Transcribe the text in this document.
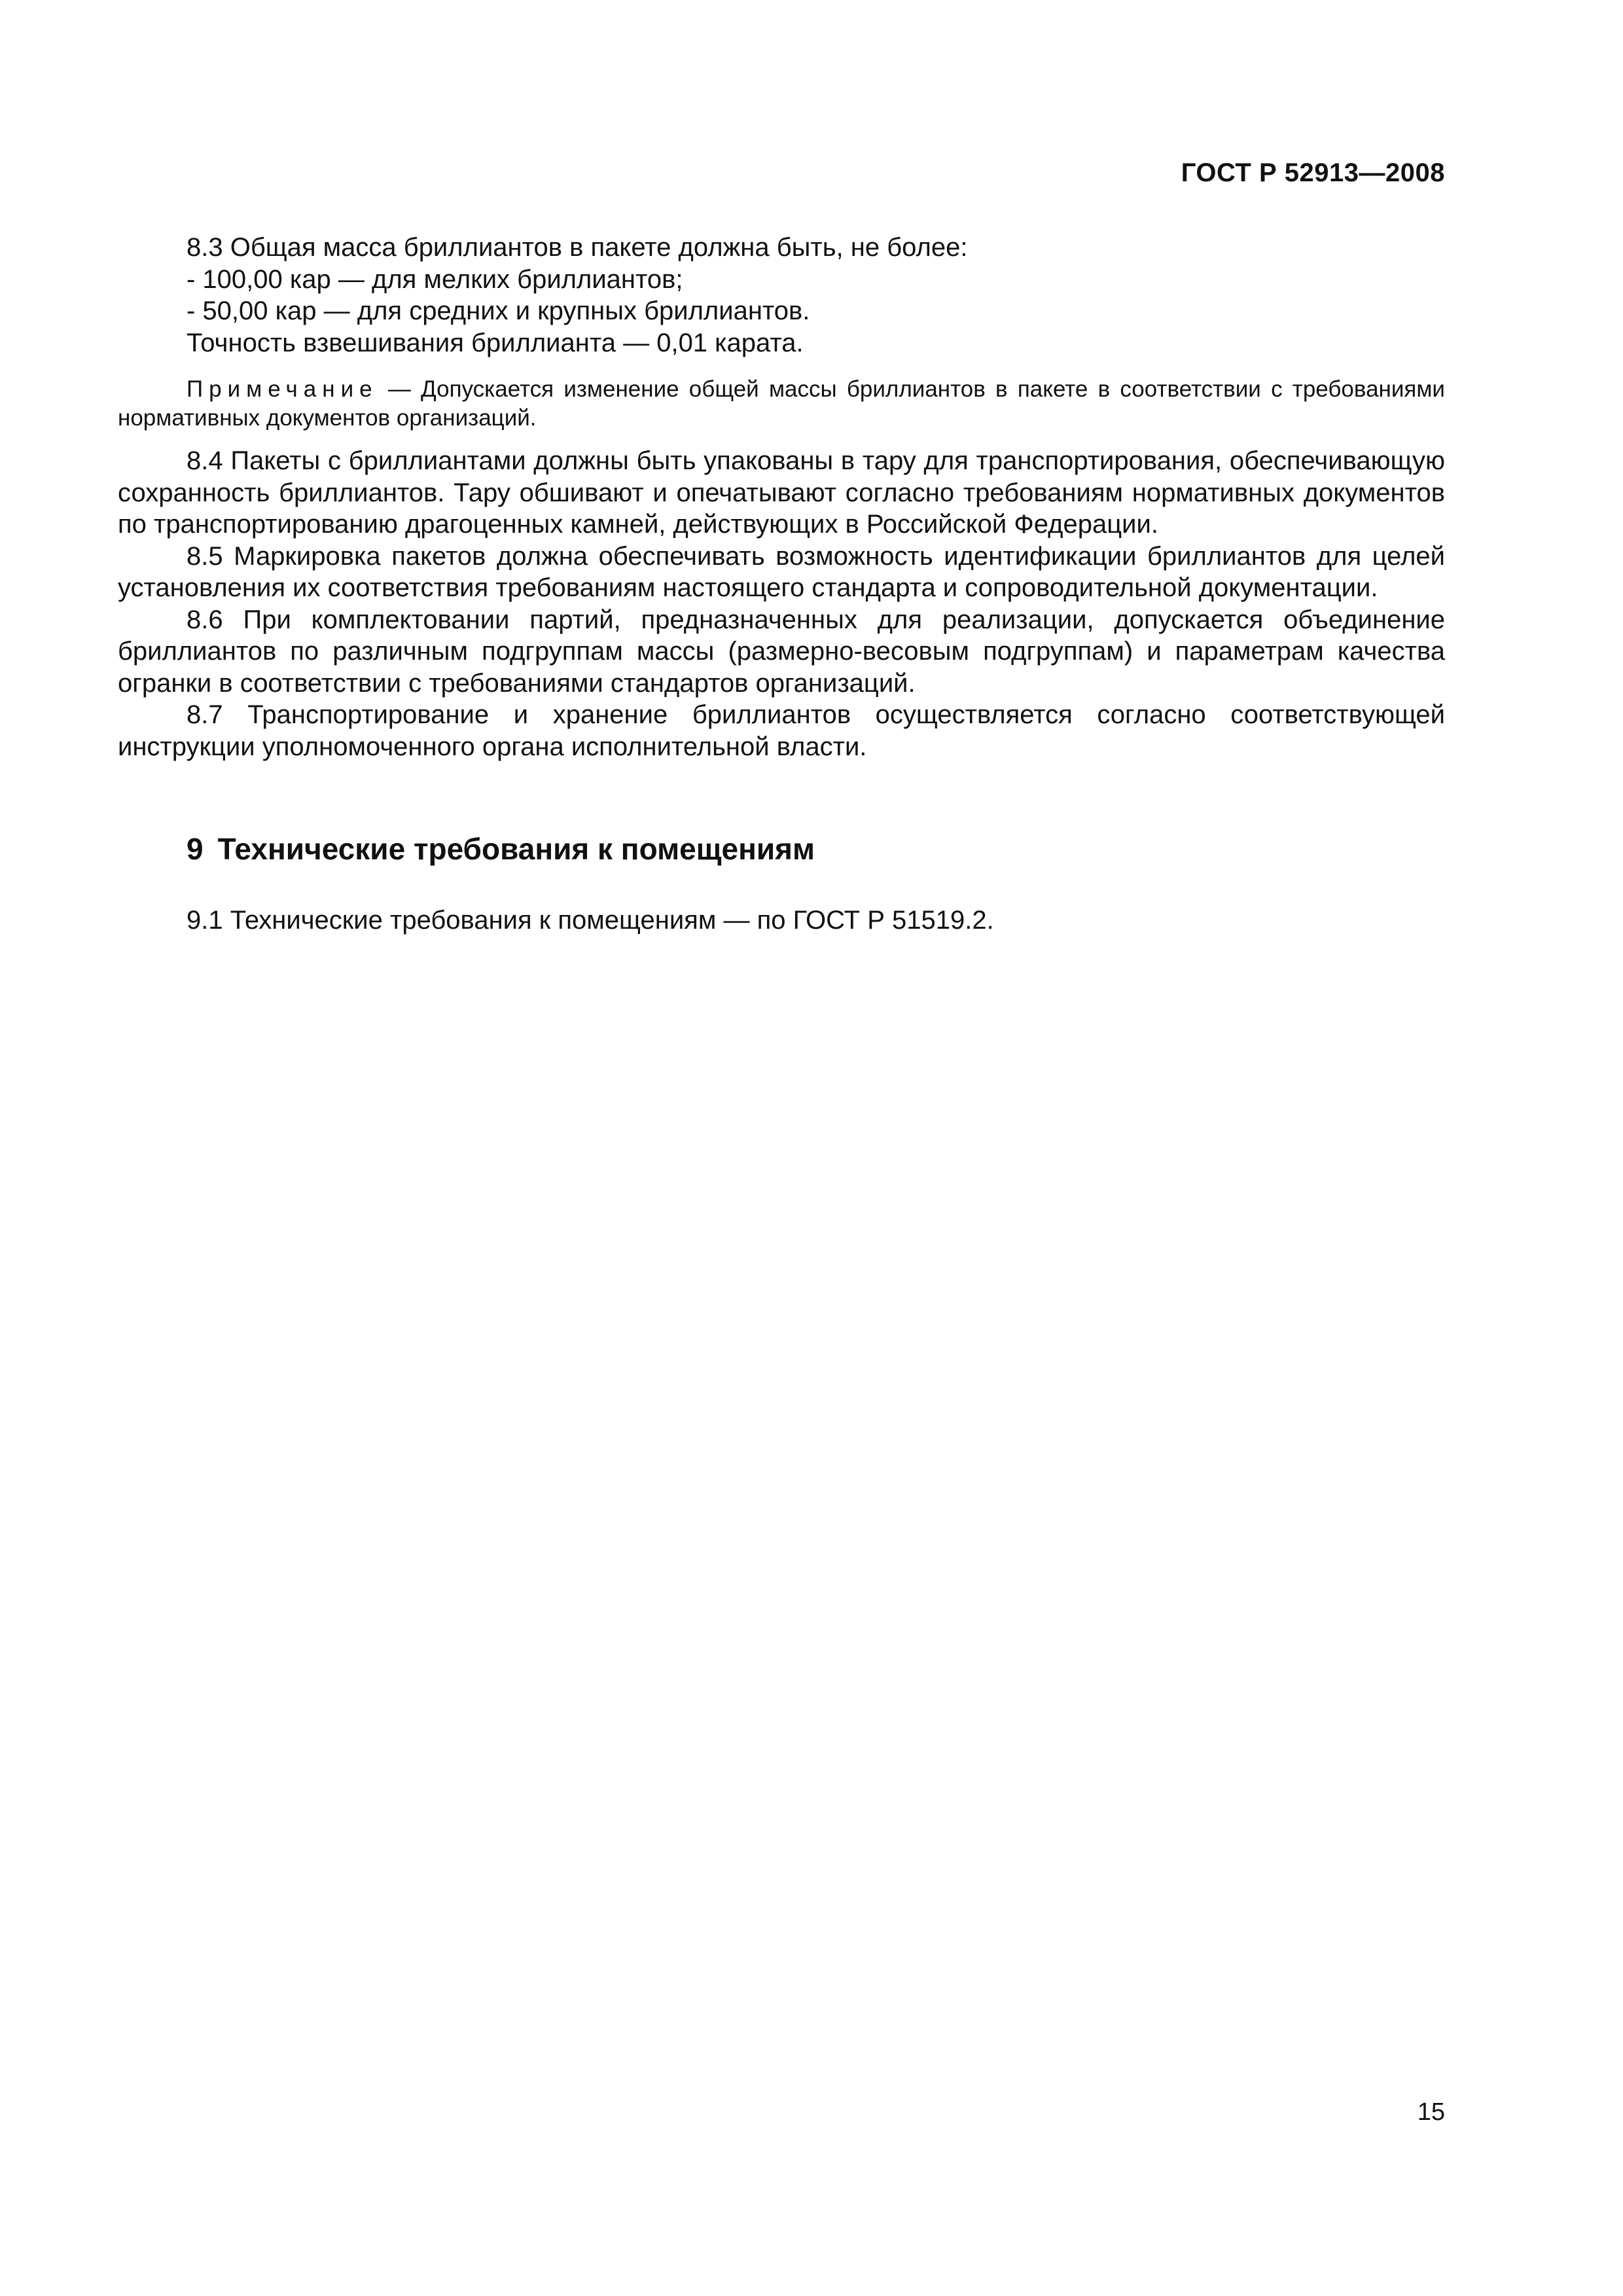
ГОСТ Р 52913—2008
8.3 Общая масса бриллиантов в пакете должна быть, не более:
- 100,00 кар — для мелких бриллиантов;
- 50,00 кар — для средних и крупных бриллиантов.
Точность взвешивания бриллианта — 0,01 карата.
Примечание — Допускается изменение общей массы бриллиантов в пакете в соответствии с требованиями нормативных документов организаций.

8.4 Пакеты с бриллиантами должны быть упакованы в тару для транспортирования, обеспечивающую сохранность бриллиантов. Тару обшивают и опечатывают согласно требованиям нормативных документов по транспортированию драгоценных камней, действующих в Российской Федерации.

8.5 Маркировка пакетов должна обеспечивать возможность идентификации бриллиантов для целей установления их соответствия требованиям настоящего стандарта и сопроводительной документации.

8.6 При комплектовании партий, предназначенных для реализации, допускается объединение бриллиантов по различным подгруппам массы (размерно-весовым подгруппам) и параметрам качества огранки в соответствии с требованиями стандартов организаций.

8.7 Транспортирование и хранение бриллиантов осуществляется согласно соответствующей инструкции уполномоченного органа исполнительной власти.

9 Технические требования к помещениям
9.1 Технические требования к помещениям — по ГОСТ Р 51519.2.
15
